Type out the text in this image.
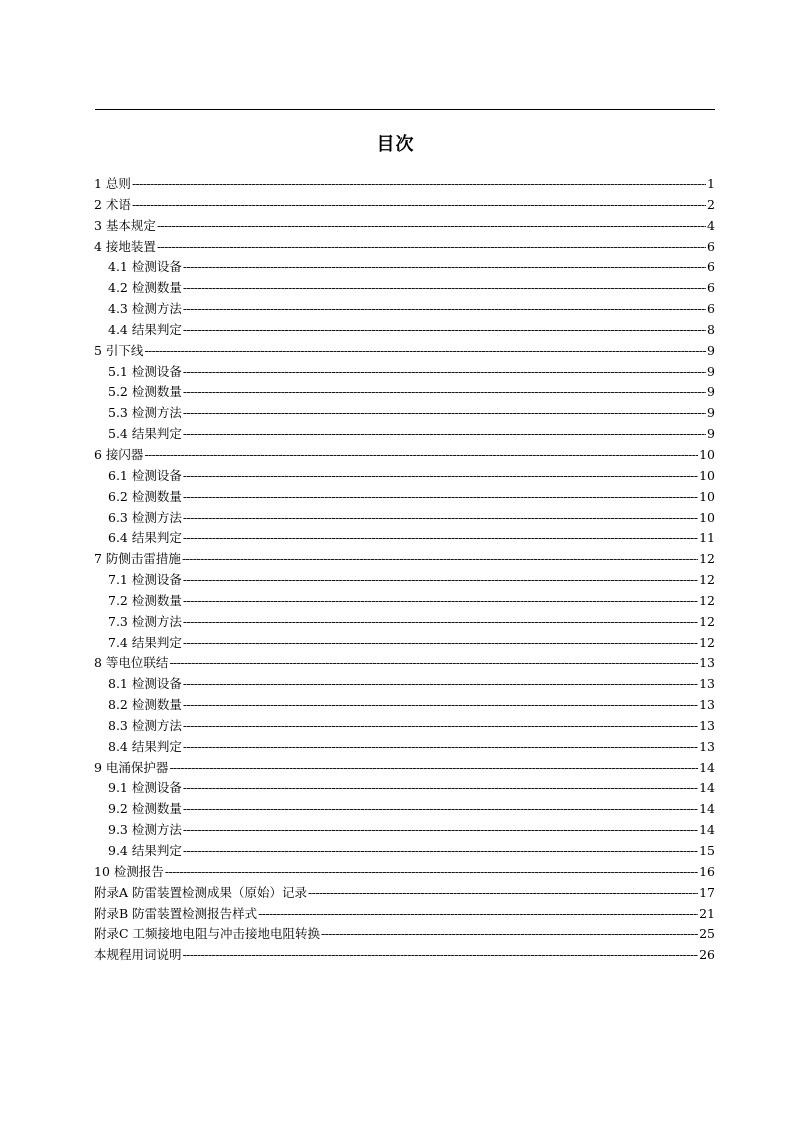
目次
1 总则 -----	1
2 术语 -----	2
3 基本规定 -----	4
4 接地装置 -----	6
4.1 检测设备 -----	6
4.2 检测数量 -----	6
4.3 检测方法 -----	6
4.4 结果判定 -----	8
5 引下线 -----	9
5.1 检测设备 -----	9
5.2 检测数量 -----	9
5.3 检测方法 -----	9
5.4 结果判定 -----	9
6 接闪器 -----	10
6.1 检测设备 -----	10
6.2 检测数量 -----	10
6.3 检测方法 -----	10
6.4 结果判定 -----	11
7 防侧击雷措施 -----	12
7.1 检测设备 -----	12
7.2 检测数量 -----	12
7.3 检测方法 -----	12
7.4 结果判定 -----	12
8 等电位联结 -----	13
8.1 检测设备 -----	13
8.2 检测数量 -----	13
8.3 检测方法 -----	13
8.4 结果判定 -----	13
9 电涌保护器 -----	14
9.1 检测设备 -----	14
9.2 检测数量 -----	14
9.3 检测方法 -----	14
9.4 结果判定 -----	15
10 检测报告 -----	16
附录A 防雷装置检测成果（原始）记录 -----	17
附录B 防雷装置检测报告样式 -----	21
附录C 工频接地电阻与冲击接地电阻转换 -----	25
本规程用词说明 -----	26
